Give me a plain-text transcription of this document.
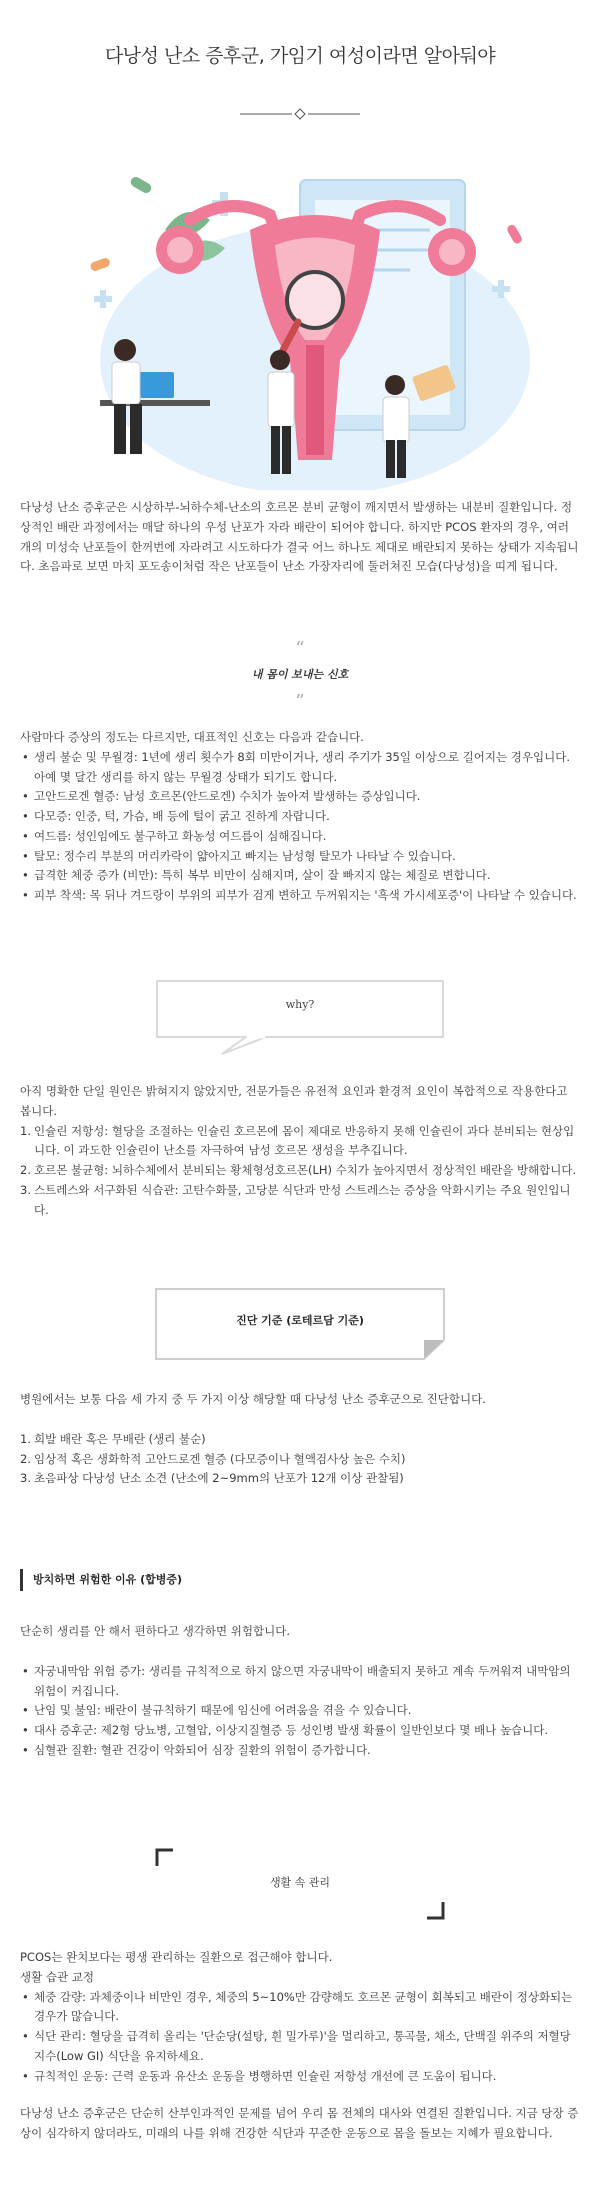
다낭성 난소 증후군, 가임기 여성이라면 알아둬야

다낭성 난소 증후군은 시상하부-뇌하수체-난소의 호르몬 분비 균형이 깨지면서 발생하는 내분비 질환입니다. 정상적인 배란 과정에서는 매달 하나의 우성 난포가 자라 배란이 되어야 합니다. 하지만 PCOS 환자의 경우, 여러 개의 미성숙 난포들이 한꺼번에 자라려고 시도하다가 결국 어느 하나도 제대로 배란되지 못하는 상태가 지속됩니다. 초음파로 보면 마치 포도송이처럼 작은 난포들이 난소 가장자리에 둘러쳐진 모습(다낭성)을 띠게 됩니다.

“
내 몸이 보내는 신호
”

사람마다 증상의 정도는 다르지만, 대표적인 신호는 다음과 같습니다.

• 생리 불순 및 무월경: 1년에 생리 횟수가 8회 미만이거나, 생리 주기가 35일 이상으로 길어지는 경우입니다. 아예 몇 달간 생리를 하지 않는 무월경 상태가 되기도 합니다.
• 고안드로겐 혈증: 남성 호르몬(안드로겐) 수치가 높아져 발생하는 증상입니다.
• 다모증: 인중, 턱, 가슴, 배 등에 털이 굵고 진하게 자랍니다.
• 여드름: 성인임에도 불구하고 화농성 여드름이 심해집니다.
• 탈모: 정수리 부분의 머리카락이 얇아지고 빠지는 남성형 탈모가 나타날 수 있습니다.
• 급격한 체중 증가 (비만): 특히 복부 비만이 심해지며, 살이 잘 빠지지 않는 체질로 변합니다.
• 피부 착색: 목 뒤나 겨드랑이 부위의 피부가 검게 변하고 두꺼워지는 '흑색 가시세포증'이 나타날 수 있습니다.
why?

아직 명확한 단일 원인은 밝혀지지 않았지만, 전문가들은 유전적 요인과 환경적 요인이 복합적으로 작용한다고 봅니다.

1. 인슐린 저항성: 혈당을 조절하는 인슐린 호르몬에 몸이 제대로 반응하지 못해 인슐린이 과다 분비되는 현상입니다. 이 과도한 인슐린이 난소를 자극하여 남성 호르몬 생성을 부추깁니다.
2. 호르몬 불균형: 뇌하수체에서 분비되는 황체형성호르몬(LH) 수치가 높아지면서 정상적인 배란을 방해합니다.
3. 스트레스와 서구화된 식습관: 고탄수화물, 고당분 식단과 만성 스트레스는 증상을 악화시키는 주요 원인입니다.
진단 기준 (로테르담 기준)

병원에서는 보통 다음 세 가지 중 두 가지 이상 해당할 때 다낭성 난소 증후군으로 진단합니다.

1. 희발 배란 혹은 무배란 (생리 불순)
2. 임상적 혹은 생화학적 고안드로겐 혈증 (다모증이나 혈액검사상 높은 수치)
3. 초음파상 다낭성 난소 소견 (난소에 2~9mm의 난포가 12개 이상 관찰됨)
방치하면 위험한 이유 (합병증)

단순히 생리를 안 해서 편하다고 생각하면 위험합니다.

• 자궁내막암 위험 증가: 생리를 규칙적으로 하지 않으면 자궁내막이 배출되지 못하고 계속 두꺼워져 내막암의 위험이 커집니다.
• 난임 및 불임: 배란이 불규칙하기 때문에 임신에 어려움을 겪을 수 있습니다.
• 대사 증후군: 제2형 당뇨병, 고혈압, 이상지질혈증 등 성인병 발생 확률이 일반인보다 몇 배나 높습니다.
• 심혈관 질환: 혈관 건강이 악화되어 심장 질환의 위험이 증가합니다.
생활 속 관리

PCOS는 완치보다는 평생 관리하는 질환으로 접근해야 합니다.

생활 습관 교정

• 체중 감량: 과체중이나 비만인 경우, 체중의 5~10%만 감량해도 호르몬 균형이 회복되고 배란이 정상화되는 경우가 많습니다.
• 식단 관리: 혈당을 급격히 올리는 '단순당(설탕, 흰 밀가루)'을 멀리하고, 통곡물, 채소, 단백질 위주의 저혈당 지수(Low GI) 식단을 유지하세요.
• 규칙적인 운동: 근력 운동과 유산소 운동을 병행하면 인슐린 저항성 개선에 큰 도움이 됩니다.

다낭성 난소 증후군은 단순히 산부인과적인 문제를 넘어 우리 몸 전체의 대사와 연결된 질환입니다. 지금 당장 증상이 심각하지 않더라도, 미래의 나를 위해 건강한 식단과 꾸준한 운동으로 몸을 돌보는 지혜가 필요합니다.
